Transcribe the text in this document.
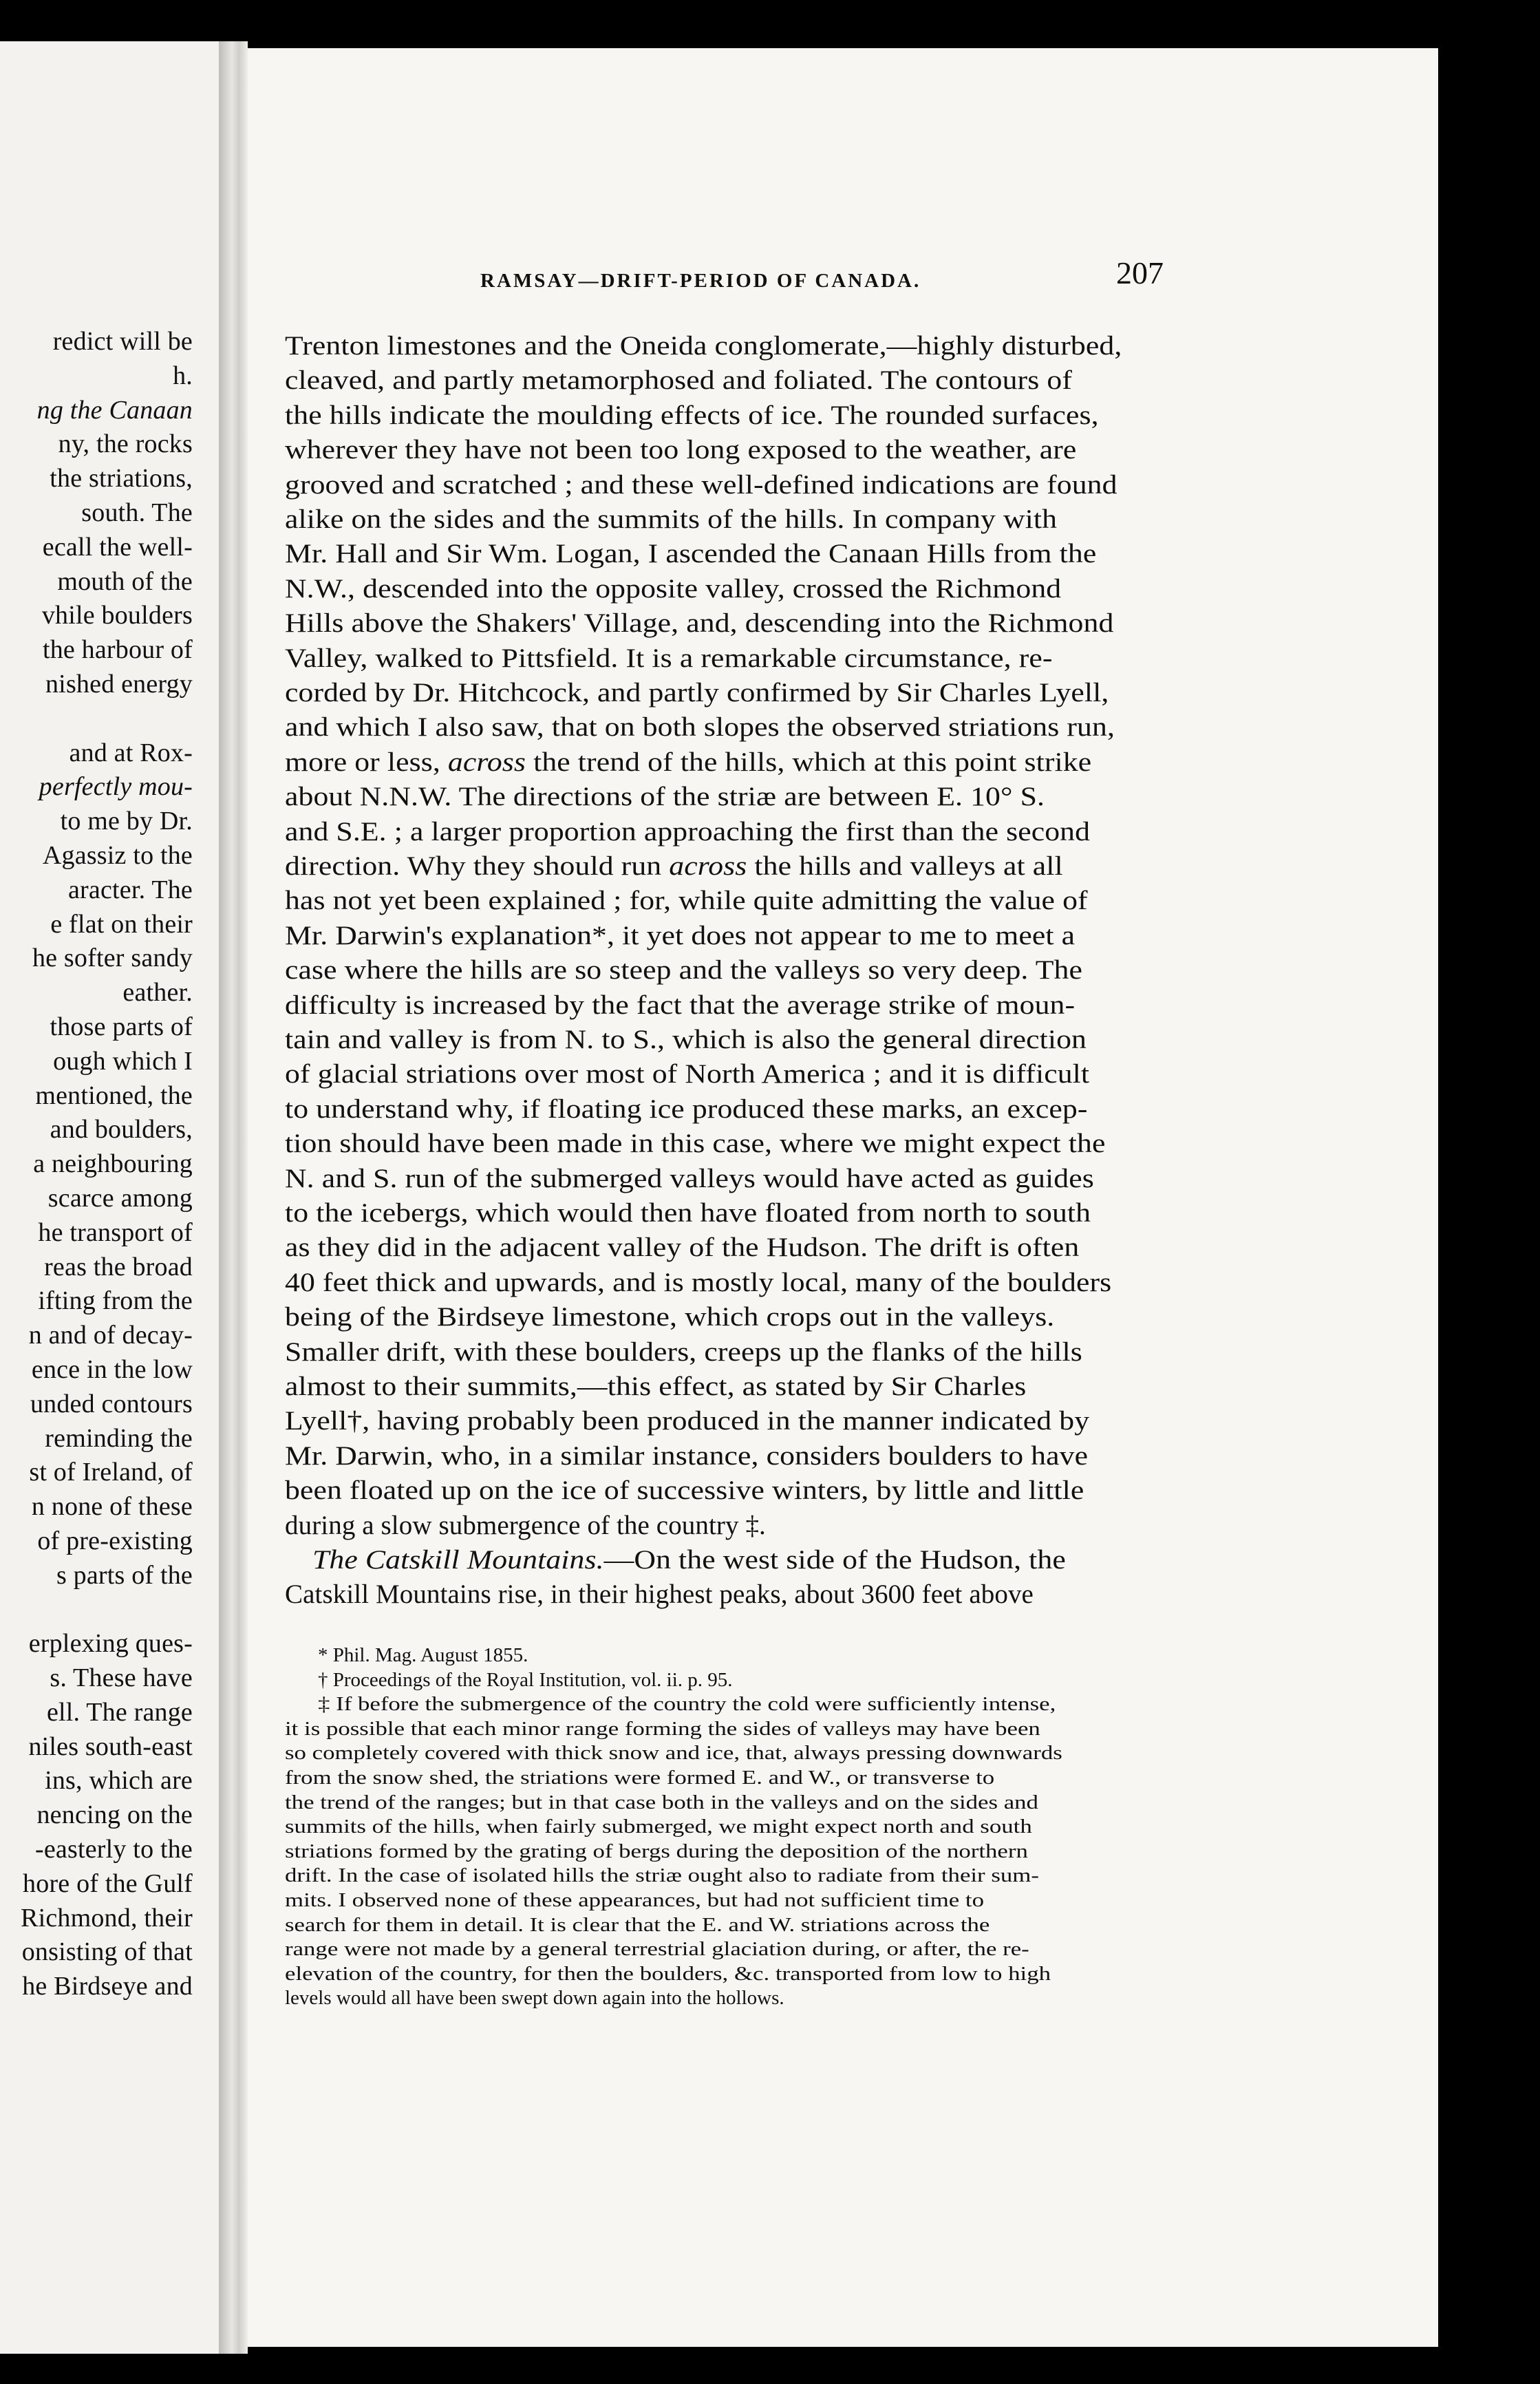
redict will be
h.
ng the Canaan
ny, the rocks
the striations,
south. The
ecall the well-
mouth of the
vhile boulders
the harbour of
nished energy
and at Rox-
perfectly mou-
to me by Dr.
Agassiz to the
aracter. The
e flat on their
he softer sandy
eather.
those parts of
ough which I
mentioned, the
and boulders,
a neighbouring
scarce among
he transport of
reas the broad
ifting from the
n and of decay-
ence in the low
unded contours
reminding the
st of Ireland, of
n none of these
of pre-existing
s parts of the
erplexing ques-
s. These have
ell. The range
niles south-east
ins, which are
nencing on the
-easterly to the
hore of the Gulf
Richmond, their
onsisting of that
he Birdseye and
RAMSAY—DRIFT-PERIOD OF CANADA.	207
Trenton limestones and the Oneida conglomerate,—highly disturbed,
cleaved, and partly metamorphosed and foliated. The contours of
the hills indicate the moulding effects of ice. The rounded surfaces,
wherever they have not been too long exposed to the weather, are
grooved and scratched ; and these well-defined indications are found
alike on the sides and the summits of the hills. In company with
Mr. Hall and Sir Wm. Logan, I ascended the Canaan Hills from the
N.W., descended into the opposite valley, crossed the Richmond
Hills above the Shakers' Village, and, descending into the Richmond
Valley, walked to Pittsfield. It is a remarkable circumstance, re-
corded by Dr. Hitchcock, and partly confirmed by Sir Charles Lyell,
and which I also saw, that on both slopes the observed striations run,
more or less, across the trend of the hills, which at this point strike
about N.N.W. The directions of the striæ are between E. 10° S.
and S.E. ; a larger proportion approaching the first than the second
direction. Why they should run across the hills and valleys at all
has not yet been explained ; for, while quite admitting the value of
Mr. Darwin's explanation*, it yet does not appear to me to meet a
case where the hills are so steep and the valleys so very deep. The
difficulty is increased by the fact that the average strike of moun-
tain and valley is from N. to S., which is also the general direction
of glacial striations over most of North America ; and it is difficult
to understand why, if floating ice produced these marks, an excep-
tion should have been made in this case, where we might expect the
N. and S. run of the submerged valleys would have acted as guides
to the icebergs, which would then have floated from north to south
as they did in the adjacent valley of the Hudson. The drift is often
40 feet thick and upwards, and is mostly local, many of the boulders
being of the Birdseye limestone, which crops out in the valleys.
Smaller drift, with these boulders, creeps up the flanks of the hills
almost to their summits,—this effect, as stated by Sir Charles
Lyell†, having probably been produced in the manner indicated by
Mr. Darwin, who, in a similar instance, considers boulders to have
been floated up on the ice of successive winters, by little and little
during a slow submergence of the country ‡.
The Catskill Mountains.—On the west side of the Hudson, the
Catskill Mountains rise, in their highest peaks, about 3600 feet above
* Phil. Mag. August 1855.
† Proceedings of the Royal Institution, vol. ii. p. 95.
‡ If before the submergence of the country the cold were sufficiently intense,
it is possible that each minor range forming the sides of valleys may have been
so completely covered with thick snow and ice, that, always pressing downwards
from the snow shed, the striations were formed E. and W., or transverse to
the trend of the ranges; but in that case both in the valleys and on the sides and
summits of the hills, when fairly submerged, we might expect north and south
striations formed by the grating of bergs during the deposition of the northern
drift. In the case of isolated hills the striæ ought also to radiate from their sum-
mits. I observed none of these appearances, but had not sufficient time to
search for them in detail. It is clear that the E. and W. striations across the
range were not made by a general terrestrial glaciation during, or after, the re-
elevation of the country, for then the boulders, &c. transported from low to high
levels would all have been swept down again into the hollows.
